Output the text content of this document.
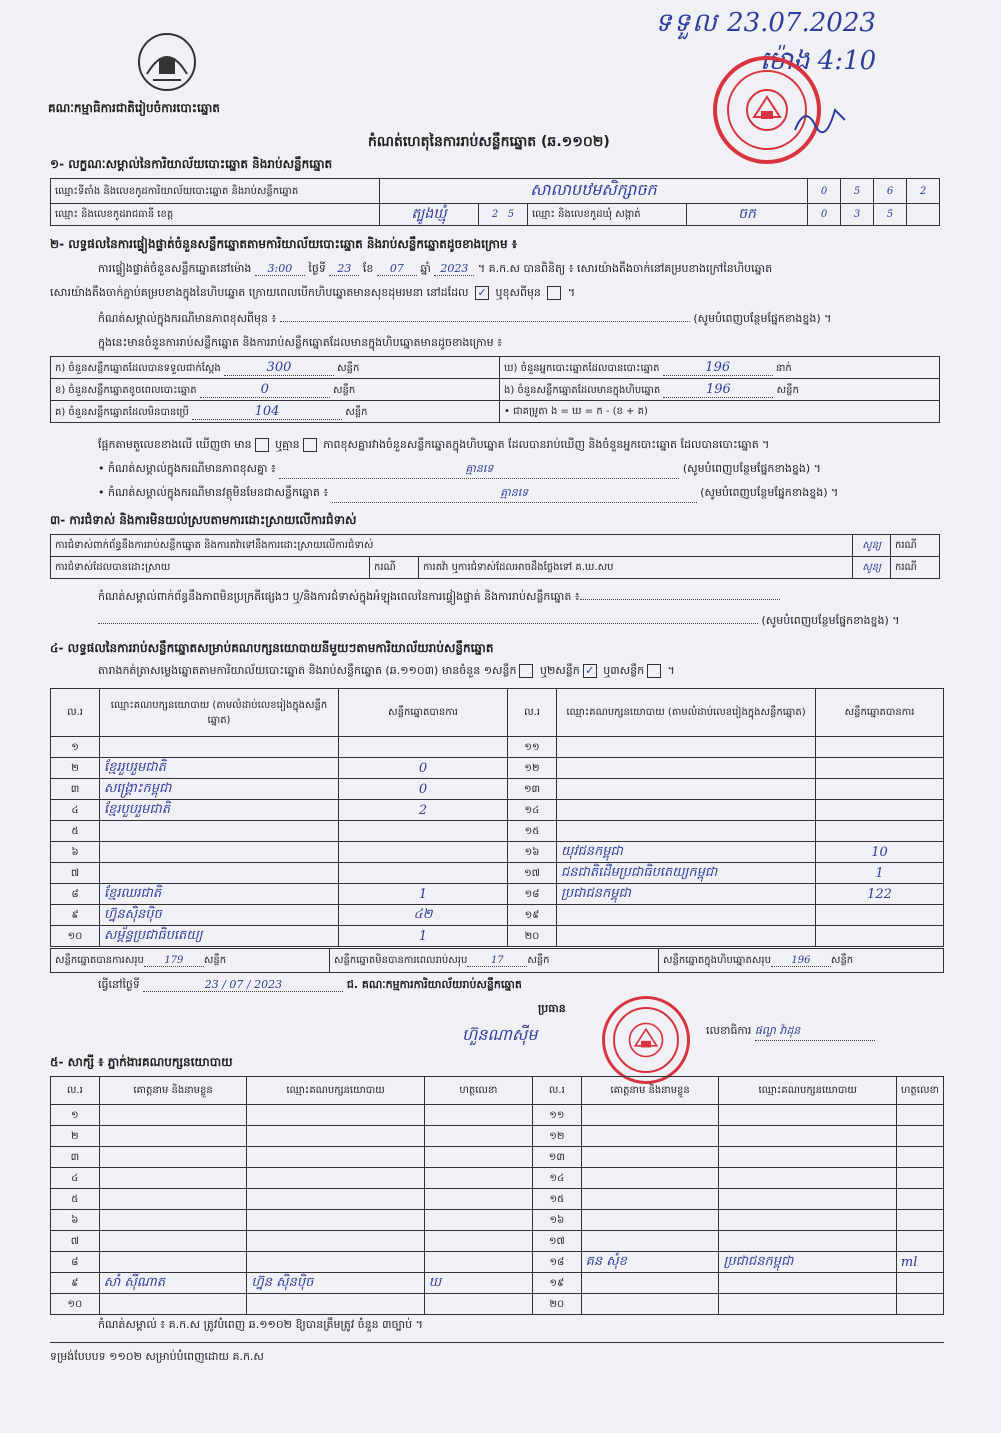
ទទួល 23.07.2023
ម៉ោង 4:10
គណៈកម្មាធិការជាតិរៀបចំការបោះឆ្នោត
កំណត់ហេតុនៃការរាប់សន្លឹកឆ្នោត (ឆ.១១០២)
១- លក្ខណៈសម្គាល់នៃការិយាល័យបោះឆ្នោត និងរាប់សន្លឹកឆ្នោត
ឈ្មោះទីតាំង និងលេខកូដការិយាល័យបោះឆ្នោត និងរាប់សន្លឹកឆ្នោត	សាលាបឋមសិក្សាចក				0	5	6	2
ឈ្មោះ និងលេខកូដរាជធានី ខេត្ត	ត្បូងឃ្មុំ	2 5	ឈ្មោះ និងលេខកូដឃុំ សង្កាត់	ចក	0	3	5	
២- លទ្ធផលនៃការផ្ទៀងផ្ទាត់ចំនួនសន្លឹកឆ្នោតតាមការិយាល័យបោះឆ្នោត និងរាប់សន្លឹកឆ្នោតដូចខាងក្រោម ៖
ការផ្ទៀងផ្ទាត់ចំនួនសន្លឹកឆ្នោតនៅម៉ោង 3:00 ថ្ងៃទី 23 ខែ 07 ឆ្នាំ 2023 ។ គ.ក.ស បានពិនិត្យ ៖ សោរយ៉ាងតឹងចាក់នៅគម្របខាងក្រៅនៃហិបឆ្នោត
សោរយ៉ាងតឹងចាក់ភ្ជាប់គម្របខាងក្នុងនៃហិបឆ្នោត ក្រោយពេលបើកហិបឆ្នោតមានសុខដុមរមនា នៅដដែល ✓ ឬខុសពីមុន  ។
កំណត់សម្គាល់ក្នុងករណីមានភាពខុសពីមុន ៖	(សូមបំពេញបន្ថែមផ្នែកខាងខ្នង) ។
ក្នុងនេះមានចំនួនការរាប់សន្លឹកឆ្នោត និងការរាប់សន្លឹកឆ្នោតដែលមានក្នុងហិបឆ្នោតមានដូចខាងក្រោម ៖
ក) ចំនួនសន្លឹកឆ្នោតដែលបានទទួលជាក់ស្ដែង 300 សន្លឹក	ឃ) ចំនួនអ្នកបោះឆ្នោតដែលបានបោះឆ្នោត 196 នាក់
ខ) ចំនួនសន្លឹកឆ្នោតខូចពេលបោះឆ្នោត 0 សន្លឹក	ង) ចំនួនសន្លឹកឆ្នោតដែលមានក្នុងហិបឆ្នោត 196 សន្លឹក
គ) ចំនួនសន្លឹកឆ្នោតដែលមិនបានប្រើ 104 សន្លឹក	• ជាគម្រូតា ង = ឃ = ក - (ខ + គ)
ផ្អែកតាមតួលេខខាងលើ ឃើញថា មាន ឬគ្មាន ភាពខុសគ្នារវាងចំនួនសន្លឹកឆ្នោតក្នុងហិបឆ្នោត ដែលបានរាប់ឃើញ និងចំនួនអ្នកបោះឆ្នោត ដែលបានបោះឆ្នោត ។
• កំណត់សម្គាល់ក្នុងករណីមានភាពខុសគ្នា ៖	គ្មានទេ	(សូមបំពេញបន្ថែមផ្នែកខាងខ្នង) ។
• កំណត់សម្គាល់ក្នុងករណីមានវត្ថុមិនមែនជាសន្លឹកឆ្នោត ៖	គ្មានទេ	(សូមបំពេញបន្ថែមផ្នែកខាងខ្នង) ។
៣- ការជំទាស់ និងការមិនយល់ស្របតាមការដោះស្រាយលើការជំទាស់
ការជំទាស់ពាក់ព័ន្ធនឹងការរាប់សន្លឹកឆ្នោត និងការតវ៉ាទៅនឹងការដោះស្រាយលើការជំទាស់			សូន្យ	ករណី
ការជំទាស់ដែលបានដោះស្រាយ	ករណី	ការតវ៉ា ឬការជំទាស់ដែលអាចដឹងថ្លែងទៅ គ.ឃ.សប	សូន្យ	ករណី
កំណត់សម្គាល់ពាក់ព័ន្ធនឹងភាពមិនប្រក្រតីផ្សេងៗ ឬ/និងការជំទាស់ក្នុងអំឡុងពេលនៃការផ្ទៀងផ្ទាត់ និងការរាប់សន្លឹកឆ្នោត ៖
(សូមបំពេញបន្ថែមផ្នែកខាងខ្នង) ។
៤- លទ្ធផលនៃការរាប់សន្លឹកឆ្នោតសម្រាប់គណបក្សនយោបាយនីមួយៗតាមការិយាល័យរាប់សន្លឹកឆ្នោត
តារាងកត់ត្រាសម្លេងឆ្នោតតាមការិយាល័យបោះឆ្នោត និងរាប់សន្លឹកឆ្នោត (ឆ.១១០៣) មានចំនួន ១សន្លឹក ឬ២សន្លឹក ✓ ឬ៣សន្លឹក ។
ល.រ	ឈ្មោះគណបក្សនយោបាយ (តាមលំដាប់លេខរៀងក្នុងសន្លឹកឆ្នោត)	សន្លឹកឆ្នោតបានការ	ល.រ	ឈ្មោះគណបក្សនយោបាយ (តាមលំដាប់លេខរៀងក្នុងសន្លឹកឆ្នោត)	សន្លឹកឆ្នោតបានការ
១			១១		
២	ខ្មែររួបរួមជាតិ	0	១២		
៣	សង្គ្រោះកម្ពុជា	0	១៣		
៤	ខ្មែរបួបរួមជាតិ	2	១៤		
៥			១៥		
៦			១៦	យុវជនកម្ពុជា	10
៧			១៧	ជនជាតិដើមប្រជាធិបតេយ្យកម្ពុជា	1
៨	ខ្មែរឈរជាតិ	1	១៨	ប្រជាជនកម្ពុជា	122
៩	ហ្វ៊ុនស៊ិនប៉ិច	៤២	១៩		
១០	សម្ព័ន្ធប្រជាធិបតេយ្យ	1	២០		
សន្លឹកឆ្នោតបានការសរុប 179 សន្លឹក	សន្លឹកឆ្នោតមិនបានការពេលរាប់សរុប 17 សន្លឹក	សន្លឹកឆ្នោតក្នុងហិបឆ្នោតសរុប 196 សន្លឹក
ធ្វើនៅថ្ងៃទី	23 / 07 / 2023	ជ. គណៈកម្មការការិយាល័យរាប់សន្លឹកឆ្នោត
ប្រធាន
ហ៊ួនណាស៊ីម	លេខាធិការ ផល្លា វ៉ាដុន
៥- សាក្សី ៖ ភ្នាក់ងារគណបក្សនយោបាយ
ល.រ	គោត្តនាម និងនាមខ្លួន	ឈ្មោះគណបក្សនយោបាយ	ហត្ថលេខា	ល.រ	គោត្តនាម និងនាមខ្លួន	ឈ្មោះគណបក្សនយោបាយ	ហត្ថលេខា
១				១១			
២				១២			
៣				១៣			
៤				១៤			
៥				១៥			
៦				១៦			
៧				១៧			
៨				១៨	គន សុំខ	ប្រជាជនកម្ពុជា	ml
៩	សាំ ស៊ីណាត	ហ្វ៊ុន ស៊ិនប៉ិច	ឃ	១៩			
១០				២០			
កំណត់សម្គាល់ ៖ គ.ក.ស ត្រូវបំពេញ ឆ.១១០២ ឱ្យបានត្រឹមត្រូវ ចំនួន ៣ច្បាប់ ។
ទម្រង់បែបបទ ១១០២ សម្រាប់បំពេញដោយ គ.ក.ស
